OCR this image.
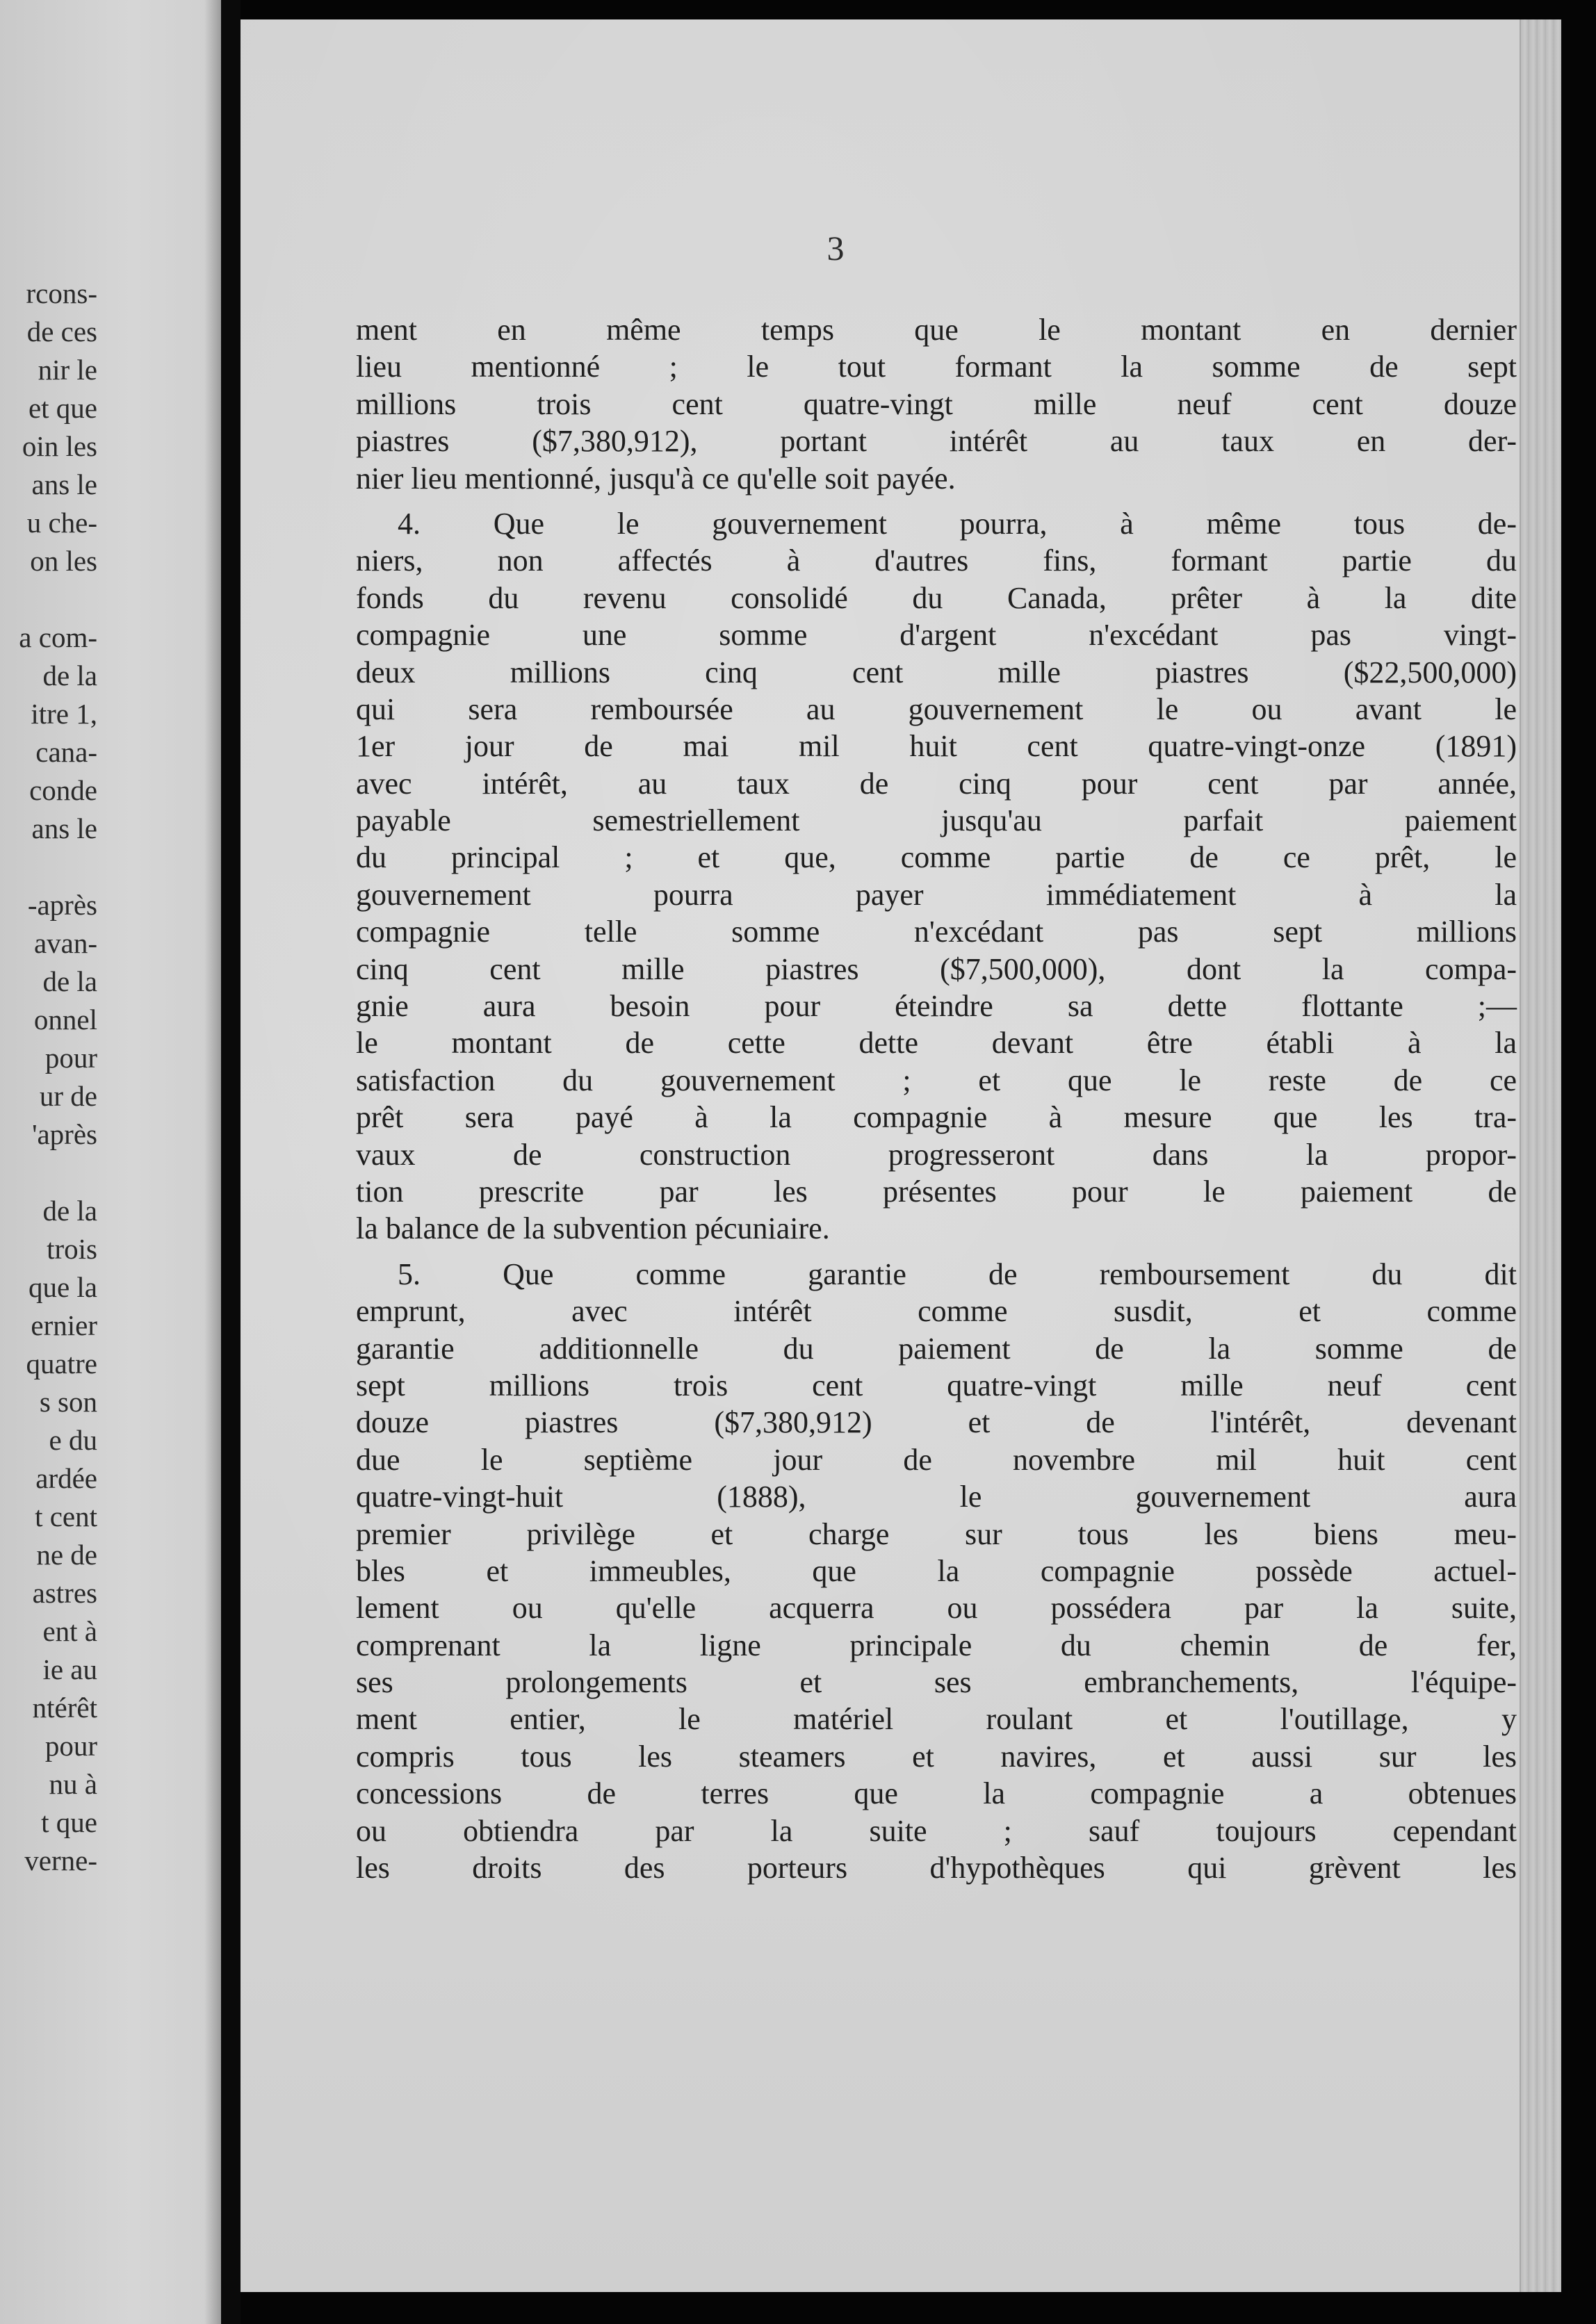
rcons-
de ces
nir le
et que
oin les
ans le
u che-
on les
a com-
de la
itre 1,
cana-
conde
ans le
-après
avan-
de la
onnel
pour
ur de
'après
de la
trois
que la
ernier
quatre
s son
e du
ardée
t cent
ne de
astres
ent à
ie au
ntérêt
pour
nu à
t que
verne-
3
ment en même temps que le montant en dernier
lieu mentionné ; le tout formant la somme de sept
millions trois cent quatre-vingt mille neuf cent douze
piastres ($7,380,912), portant intérêt au taux en der-
nier lieu mentionné, jusqu'à ce qu'elle soit payée.
4. Que le gouvernement pourra, à même tous de-
niers, non affectés à d'autres fins, formant partie du
fonds du revenu consolidé du Canada, prêter à la dite
compagnie une somme d'argent n'excédant pas vingt-
deux millions cinq cent mille piastres ($22,500,000)
qui sera remboursée au gouvernement le ou avant le
1er jour de mai mil huit cent quatre-vingt-onze (1891)
avec intérêt, au taux de cinq pour cent par année,
payable semestriellement jusqu'au parfait paiement
du principal ; et que, comme partie de ce prêt, le
gouvernement pourra payer immédiatement à la
compagnie telle somme n'excédant pas sept millions
cinq cent mille piastres ($7,500,000), dont la compa-
gnie aura besoin pour éteindre sa dette flottante ;—
le montant de cette dette devant être établi à la
satisfaction du gouvernement ; et que le reste de ce
prêt sera payé à la compagnie à mesure que les tra-
vaux de construction progresseront dans la propor-
tion prescrite par les présentes pour le paiement de
la balance de la subvention pécuniaire.
5. Que comme garantie de remboursement du dit
emprunt, avec intérêt comme susdit, et comme
garantie additionnelle du paiement de la somme de
sept millions trois cent quatre-vingt mille neuf cent
douze piastres ($7,380,912) et de l'intérêt, devenant
due le septième jour de novembre mil huit cent
quatre-vingt-huit (1888), le gouvernement aura
premier privilège et charge sur tous les biens meu-
bles et immeubles, que la compagnie possède actuel-
lement ou qu'elle acquerra ou possédera par la suite,
comprenant la ligne principale du chemin de fer,
ses prolongements et ses embranchements, l'équipe-
ment entier, le matériel roulant et l'outillage, y
compris tous les steamers et navires, et aussi sur les
concessions de terres que la compagnie a obtenues
ou obtiendra par la suite ; sauf toujours cependant
les droits des porteurs d'hypothèques qui grèvent les
